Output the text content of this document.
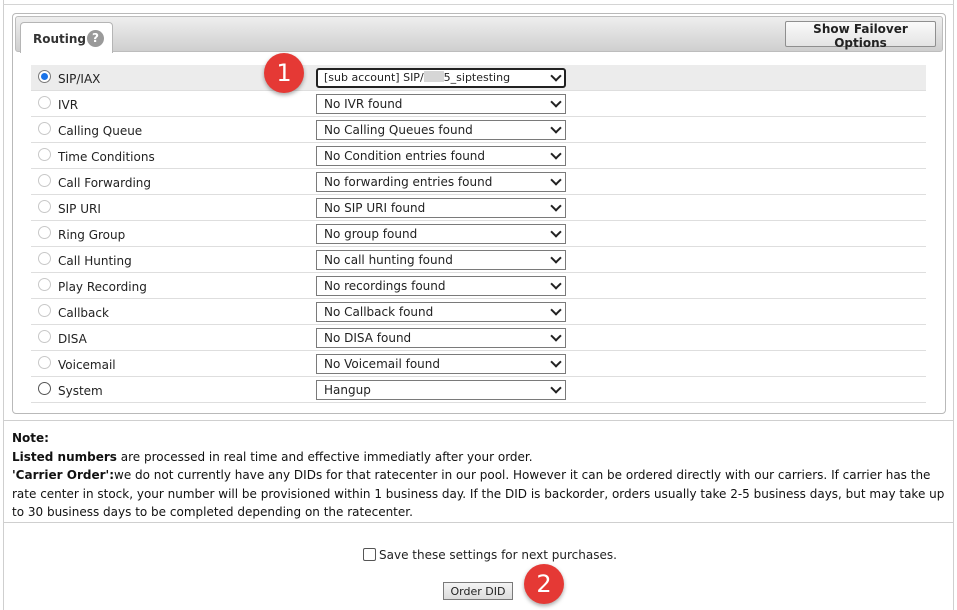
Routing ?
Show Failover Options
SIP/IAX	[sub account] SIP/ 5_siptesting
IVR	No IVR found
Calling Queue	No Calling Queues found
Time Conditions	No Condition entries found
Call Forwarding	No forwarding entries found
SIP URI	No SIP URI found
Ring Group	No group found
Call Hunting	No call hunting found
Play Recording	No recordings found
Callback	No Callback found
DISA	No DISA found
Voicemail	No Voicemail found
System	Hangup
1
Note:
Listed numbers are processed in real time and effective immediatly after your order.
'Carrier Order':we do not currently have any DIDs for that ratecenter in our pool. However it can be ordered directly with our carriers. If carrier has the rate center in stock, your number will be provisioned within 1 business day. If the DID is backorder, orders usually take 2-5 business days, but may take up to 30 business days to be completed depending on the ratecenter.
Save these settings for next purchases.
Order DID	2
